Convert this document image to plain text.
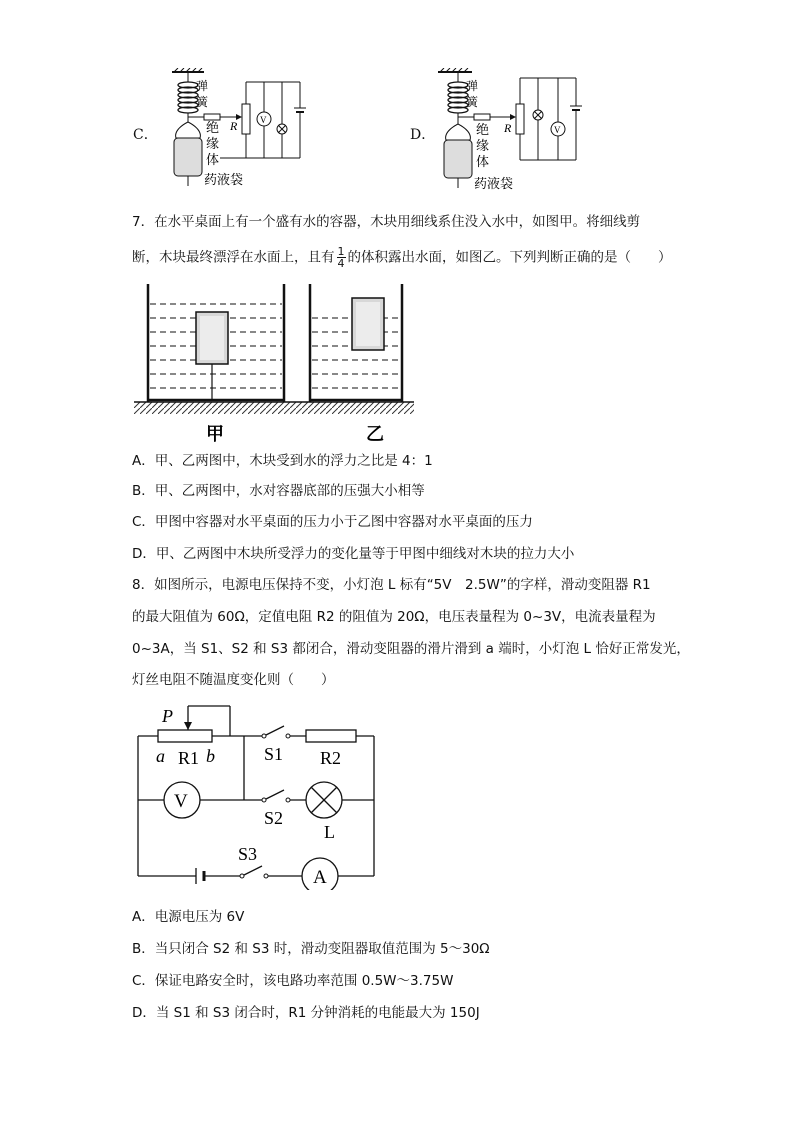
C．
R	V
弹
簧
绝
缘
体
药液袋
D．	R	V
弹
簧
绝
缘
体
药液袋
7．在水平桌面上有一个盛有水的容器，木块用细线系住没入水中，如图甲。将细线剪
断，木块最终漂浮在水面上，且有 $\frac{1}{4}$ 的体积露出水面，如图乙。下列判断正确的是（　　）
甲	乙
A．甲、乙两图中，木块受到水的浮力之比是 4：1
B．甲、乙两图中，水对容器底部的压强大小相等
C．甲图中容器对水平桌面的压力小于乙图中容器对水平桌面的压力
D．甲、乙两图中木块所受浮力的变化量等于甲图中细线对木块的拉力大小
8．如图所示，电源电压保持不变，小灯泡 L 标有“5V　2.5W”的字样，滑动变阻器 R1
的最大阻值为 60Ω，定值电阻 R2 的阻值为 20Ω，电压表量程为 0~3V，电流表量程为
0~3A，当 S1、S2 和 S3 都闭合，滑动变阻器的滑片滑到 a 端时，小灯泡 L 恰好正常发光，
灯丝电阻不随温度变化则（　　）
V
A
P
a b
R1	R2
S1
S2
S3
L
A．电源电压为 6V
B．当只闭合 S2 和 S3 时，滑动变阻器取值范围为 5～30Ω
C．保证电路安全时，该电路功率范围 0.5W～3.75W
D．当 S1 和 S3 闭合时，R1 分钟消耗的电能最大为 150J
